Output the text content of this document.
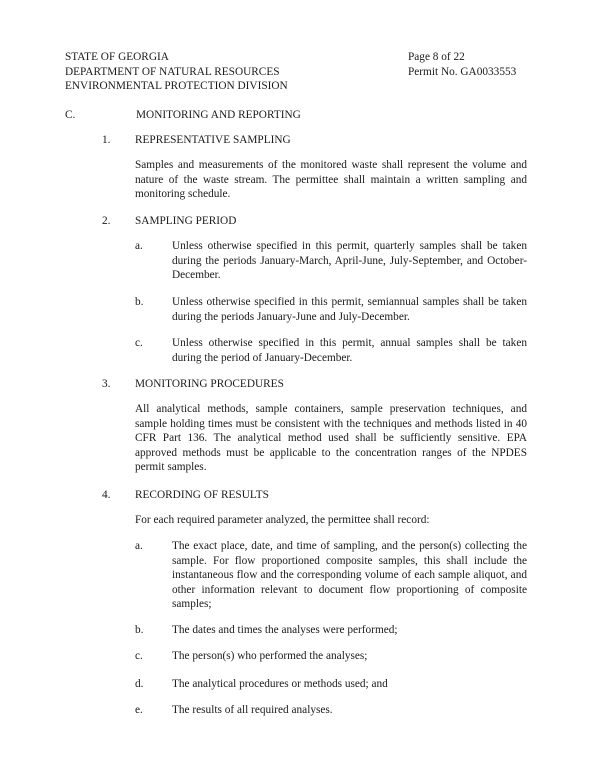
STATE OF GEORGIA
DEPARTMENT OF NATURAL RESOURCES
ENVIRONMENTAL PROTECTION DIVISION
Page 8 of 22
Permit No. GA0033553
C.	MONITORING AND REPORTING
1. REPRESENTATIVE SAMPLING
Samples and measurements of the monitored waste shall represent the volume and nature of the waste stream. The permittee shall maintain a written sampling and monitoring schedule.
2. SAMPLING PERIOD
a.	Unless otherwise specified in this permit, quarterly samples shall be taken during the periods January-March, April-June, July-September, and October-December.
b.	Unless otherwise specified in this permit, semiannual samples shall be taken during the periods January-June and July-December.
c.	Unless otherwise specified in this permit, annual samples shall be taken during the period of January-December.
3. MONITORING PROCEDURES
All analytical methods, sample containers, sample preservation techniques, and sample holding times must be consistent with the techniques and methods listed in 40 CFR Part 136. The analytical method used shall be sufficiently sensitive. EPA approved methods must be applicable to the concentration ranges of the NPDES permit samples.
4. RECORDING OF RESULTS
For each required parameter analyzed, the permittee shall record:
a.	The exact place, date, and time of sampling, and the person(s) collecting the sample. For flow proportioned composite samples, this shall include the instantaneous flow and the corresponding volume of each sample aliquot, and other information relevant to document flow proportioning of composite samples;
b.	The dates and times the analyses were performed;
c.	The person(s) who performed the analyses;
d.	The analytical procedures or methods used; and
e.	The results of all required analyses.
